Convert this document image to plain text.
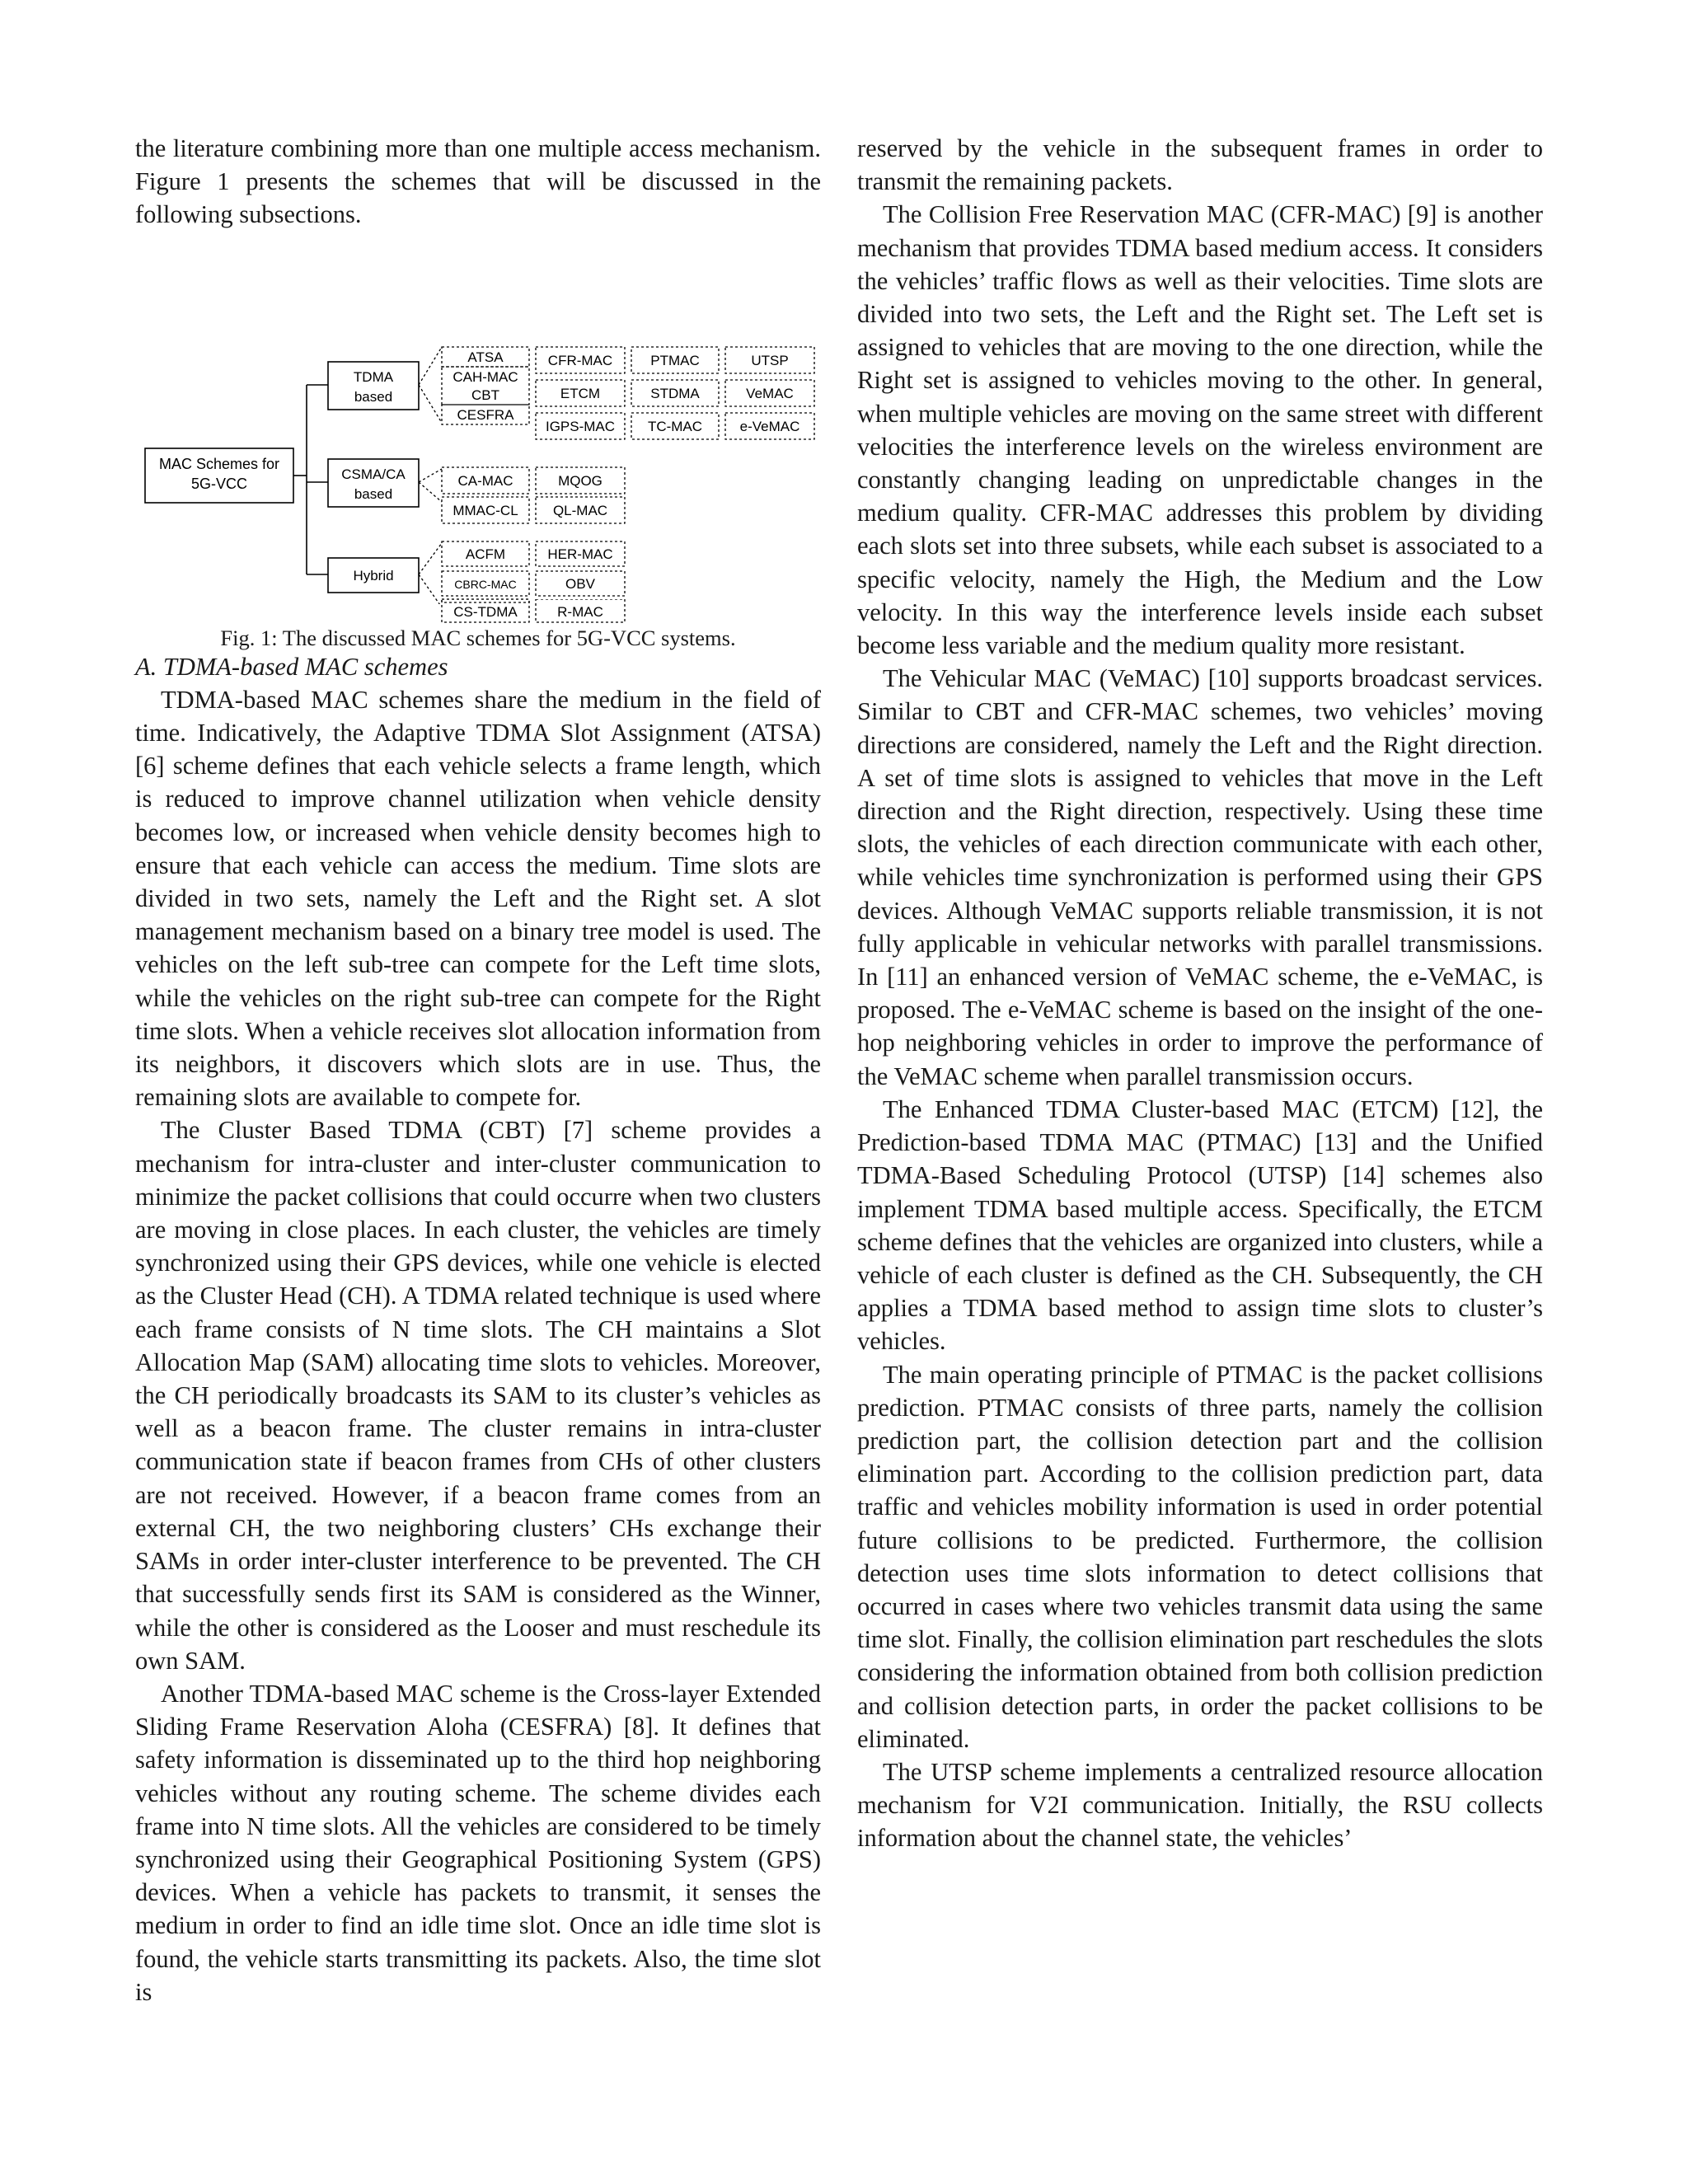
the literature combining more than one multiple access mechanism. Figure 1 presents the schemes that will be discussed in the following subsections.

MAC Schemes for
5G-VCC
TDMA
based
CSMA/CA
based
Hybrid
ATSA
CAH-MAC
CBT
CESFRA
CFR-MAC
ETCM
IGPS-MAC
PTMAC
STDMA
TC-MAC
UTSP
VeMAC
e-VeMAC
CA-MAC
MMAC-CL
MQOG
QL-MAC
ACFM
CBRC-MAC
HER-MAC
OBV
CS-TDMA	R-MAC

Fig. 1: The discussed MAC schemes for 5G-VCC systems.

A. TDMA-based MAC schemes

TDMA-based MAC schemes share the medium in the field of time. Indicatively, the Adaptive TDMA Slot Assignment (ATSA) [6] scheme defines that each vehicle selects a frame length, which is reduced to improve channel utilization when vehicle density becomes low, or increased when vehicle density becomes high to ensure that each vehicle can access the medium. Time slots are divided in two sets, namely the Left and the Right set. A slot management mechanism based on a binary tree model is used. The vehicles on the left sub-tree can compete for the Left time slots, while the vehicles on the right sub-tree can compete for the Right time slots. When a vehicle receives slot allocation information from its neighbors, it discovers which slots are in use. Thus, the remaining slots are available to compete for.

The Cluster Based TDMA (CBT) [7] scheme provides a mechanism for intra-cluster and inter-cluster communication to minimize the packet collisions that could occurre when two clusters are moving in close places. In each cluster, the vehicles are timely synchronized using their GPS devices, while one vehicle is elected as the Cluster Head (CH). A TDMA related technique is used where each frame consists of N time slots. The CH maintains a Slot Allocation Map (SAM) allocating time slots to vehicles. Moreover, the CH periodically broadcasts its SAM to its cluster’s vehicles as well as a beacon frame. The cluster remains in intra-cluster communication state if beacon frames from CHs of other clusters are not received. However, if a beacon frame comes from an external CH, the two neighboring clusters’ CHs exchange their SAMs in order inter-cluster interference to be prevented. The CH that successfully sends first its SAM is considered as the Winner, while the other is considered as the Looser and must reschedule its own SAM.

Another TDMA-based MAC scheme is the Cross-layer Extended Sliding Frame Reservation Aloha (CESFRA) [8]. It defines that safety information is disseminated up to the third hop neighboring vehicles without any routing scheme. The scheme divides each frame into N time slots. All the vehicles are considered to be timely synchronized using their Geographical Positioning System (GPS) devices. When a vehicle has packets to transmit, it senses the medium in order to find an idle time slot. Once an idle time slot is found, the vehicle starts transmitting its packets. Also, the time slot is

reserved by the vehicle in the subsequent frames in order to transmit the remaining packets.

The Collision Free Reservation MAC (CFR-MAC) [9] is another mechanism that provides TDMA based medium access. It considers the vehicles’ traffic flows as well as their velocities. Time slots are divided into two sets, the Left and the Right set. The Left set is assigned to vehicles that are moving to the one direction, while the Right set is assigned to vehicles moving to the other. In general, when multiple vehicles are moving on the same street with different velocities the interference levels on the wireless environment are constantly changing leading on unpredictable changes in the medium quality. CFR-MAC addresses this problem by dividing each slots set into three subsets, while each subset is associated to a specific velocity, namely the High, the Medium and the Low velocity. In this way the interference levels inside each subset become less variable and the medium quality more resistant.

The Vehicular MAC (VeMAC) [10] supports broadcast services. Similar to CBT and CFR-MAC schemes, two vehicles’ moving directions are considered, namely the Left and the Right direction. A set of time slots is assigned to vehicles that move in the Left direction and the Right direction, respectively. Using these time slots, the vehicles of each direction communicate with each other, while vehicles time synchronization is performed using their GPS devices. Although VeMAC supports reliable transmission, it is not fully applicable in vehicular networks with parallel transmissions. In [11] an enhanced version of VeMAC scheme, the e-VeMAC, is proposed. The e-VeMAC scheme is based on the insight of the one-hop neighboring vehicles in order to improve the performance of the VeMAC scheme when parallel transmission occurs.

The Enhanced TDMA Cluster-based MAC (ETCM) [12], the Prediction-based TDMA MAC (PTMAC) [13] and the Unified TDMA-Based Scheduling Protocol (UTSP) [14] schemes also implement TDMA based multiple access. Specifically, the ETCM scheme defines that the vehicles are organized into clusters, while a vehicle of each cluster is defined as the CH. Subsequently, the CH applies a TDMA based method to assign time slots to cluster’s vehicles.

The main operating principle of PTMAC is the packet collisions prediction. PTMAC consists of three parts, namely the collision prediction part, the collision detection part and the collision elimination part. According to the collision prediction part, data traffic and vehicles mobility information is used in order potential future collisions to be predicted. Furthermore, the collision detection uses time slots information to detect collisions that occurred in cases where two vehicles transmit data using the same time slot. Finally, the collision elimination part reschedules the slots considering the information obtained from both collision prediction and collision detection parts, in order the packet collisions to be eliminated.

The UTSP scheme implements a centralized resource allocation mechanism for V2I communication. Initially, the RSU collects information about the channel state, the vehicles’
